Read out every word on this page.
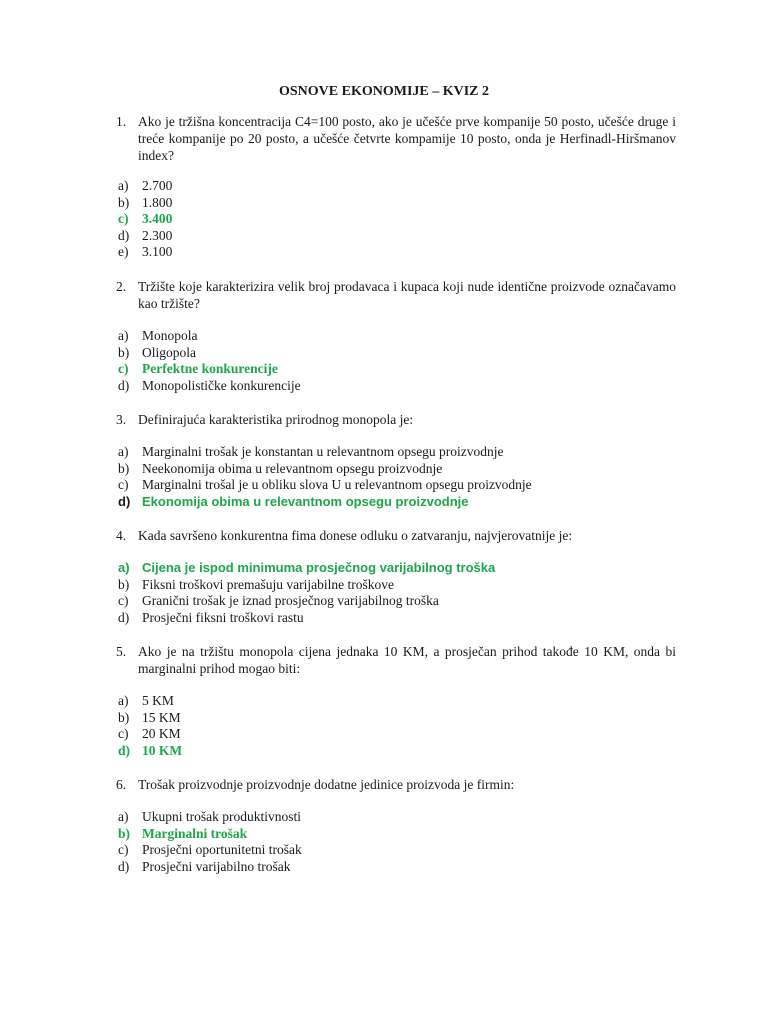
OSNOVE EKONOMIJE – KVIZ 2
1. Ako je tržišna koncentracija C4=100 posto, ako je učešće prve kompanije 50 posto, učešće druge i treće kompanije po 20 posto, a učešće četvrte kompamije 10 posto, onda je Herfinadl-Hiršmanov index?
a) 2.700
b) 1.800
c) 3.400
d) 2.300
e) 3.100
2. Tržište koje karakterizira velik broj prodavaca i kupaca koji nude identične proizvode označavamo kao tržište?
a) Monopola
b) Oligopola
c) Perfektne konkurencije
d) Monopolističke konkurencije
3. Definirajuća karakteristika prirodnog monopola je:
a) Marginalni trošak je konstantan u relevantnom opsegu proizvodnje
b) Neekonomija obima u relevantnom opsegu proizvodnje
c) Marginalni trošal je u obliku slova U u relevantnom opsegu proizvodnje
d) Ekonomija obima u relevantnom opsegu proizvodnje
4. Kada savršeno konkurentna fima donese odluku o zatvaranju, najvjerovatnije je:
a) Cijena je ispod minimuma prosječnog varijabilnog troška
b) Fiksni troškovi premašuju varijabilne troškove
c) Granični trošak je iznad prosječnog varijabilnog troška
d) Prosječni fiksni troškovi rastu
5. Ako je na tržištu monopola cijena jednaka 10 KM, a prosječan prihod takođe 10 KM, onda bi marginalni prihod mogao biti:
a) 5 KM
b) 15 KM
c) 20 KM
d) 10 KM
6. Trošak proizvodnje proizvodnje dodatne jedinice proizvoda je firmin:
a) Ukupni trošak produktivnosti
b) Marginalni trošak
c) Prosječni oportunitetni trošak
d) Prosječni varijabilno trošak
